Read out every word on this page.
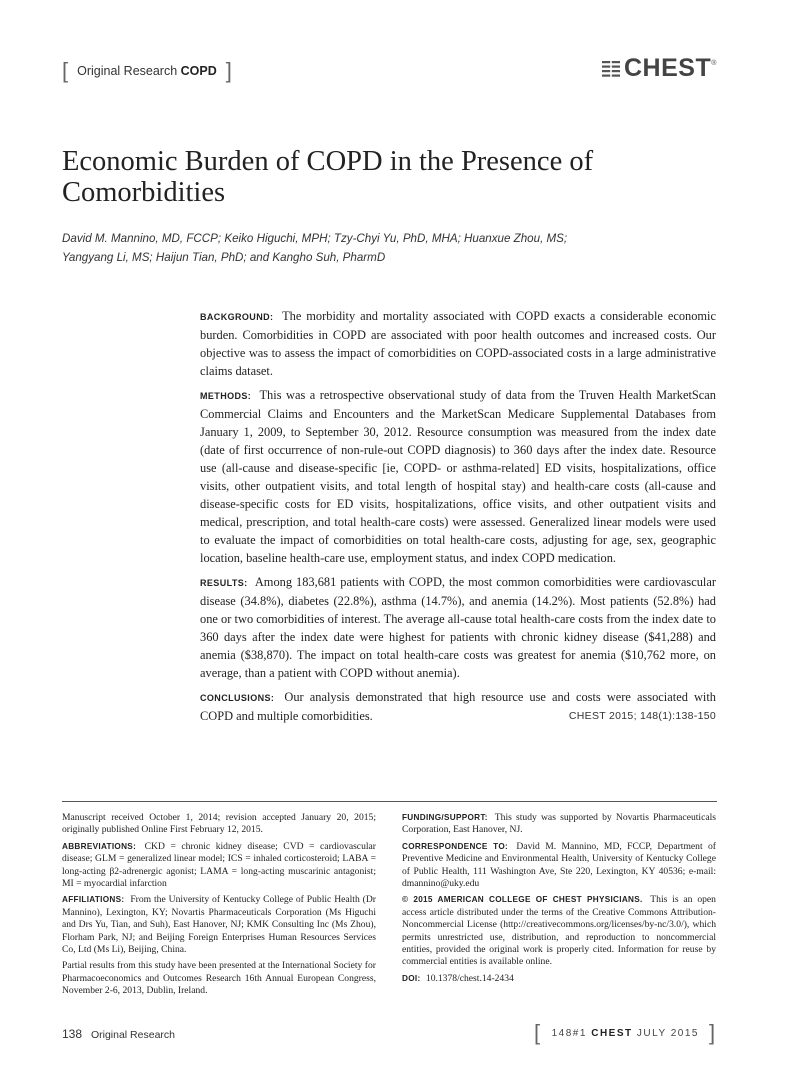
[ Original Research COPD ]	CHEST ®
Economic Burden of COPD in the Presence of Comorbidities
David M. Mannino, MD, FCCP; Keiko Higuchi, MPH; Tzy-Chyi Yu, PhD, MHA; Huanxue Zhou, MS;
Yangyang Li, MS; Haijun Tian, PhD; and Kangho Suh, PharmD

BACKGROUND: The morbidity and mortality associated with COPD exacts a considerable economic burden. Comorbidities in COPD are associated with poor health outcomes and increased costs. Our objective was to assess the impact of comorbidities on COPD-associated costs in a large administrative claims dataset.

METHODS: This was a retrospective observational study of data from the Truven Health MarketScan Commercial Claims and Encounters and the MarketScan Medicare Supplemental Databases from January 1, 2009, to September 30, 2012. Resource consumption was measured from the index date (date of first occurrence of non-rule-out COPD diagnosis) to 360 days after the index date. Resource use (all-cause and disease-specific [ie, COPD- or asthma-related] ED visits, hospitalizations, office visits, other outpatient visits, and total length of hospital stay) and health-care costs (all-cause and disease-specific costs for ED visits, hospitalizations, office visits, and other outpatient visits and medical, prescription, and total health-care costs) were assessed. Generalized linear models were used to evaluate the impact of comorbidities on total health-care costs, adjusting for age, sex, geographic location, baseline health-care use, employment status, and index COPD medication.

RESULTS: Among 183,681 patients with COPD, the most common comorbidities were cardiovascular disease (34.8%), diabetes (22.8%), asthma (14.7%), and anemia (14.2%). Most patients (52.8%) had one or two comorbidities of interest. The average all-cause total health-care costs from the index date to 360 days after the index date were highest for patients with chronic kidney disease ($41,288) and anemia ($38,870). The impact on total health-care costs was greatest for anemia ($10,762 more, on average, than a patient with COPD without anemia).

CONCLUSIONS: Our analysis demonstrated that high resource use and costs were associated with COPD and multiple comorbidities.	CHEST 2015; 148(1):138-150

Manuscript received October 1, 2014; revision accepted January 20, 2015; originally published Online First February 12, 2015.

ABBREVIATIONS: CKD = chronic kidney disease; CVD = cardiovascular disease; GLM = generalized linear model; ICS = inhaled corticosteroid; LABA = long-acting β2-adrenergic agonist; LAMA = long-acting muscarinic antagonist; MI = myocardial infarction

AFFILIATIONS: From the University of Kentucky College of Public Health (Dr Mannino), Lexington, KY; Novartis Pharmaceuticals Corporation (Ms Higuchi and Drs Yu, Tian, and Suh), East Hanover, NJ; KMK Consulting Inc (Ms Zhou), Florham Park, NJ; and Beijing Foreign Enterprises Human Resources Services Co, Ltd (Ms Li), Beijing, China.

Partial results from this study have been presented at the International Society for Pharmacoeconomics and Outcomes Research 16th Annual European Congress, November 2-6, 2013, Dublin, Ireland.

FUNDING/SUPPORT: This study was supported by Novartis Pharmaceuticals Corporation, East Hanover, NJ.

CORRESPONDENCE TO: David M. Mannino, MD, FCCP, Department of Preventive Medicine and Environmental Health, University of Kentucky College of Public Health, 111 Washington Ave, Ste 220, Lexington, KY 40536; e-mail: dmannino@uky.edu

© 2015 AMERICAN COLLEGE OF CHEST PHYSICIANS. This is an open access article distributed under the terms of the Creative Commons Attribution-Noncommercial License (http://creativecommons.org/licenses/by-nc/3.0/), which permits unrestricted use, distribution, and reproduction to noncommercial entities, provided the original work is properly cited. Information for reuse by commercial entities is available online.

DOI: 10.1378/chest.14-2434

138 Original Research	[	148#1 CHEST JULY 2015 ]
